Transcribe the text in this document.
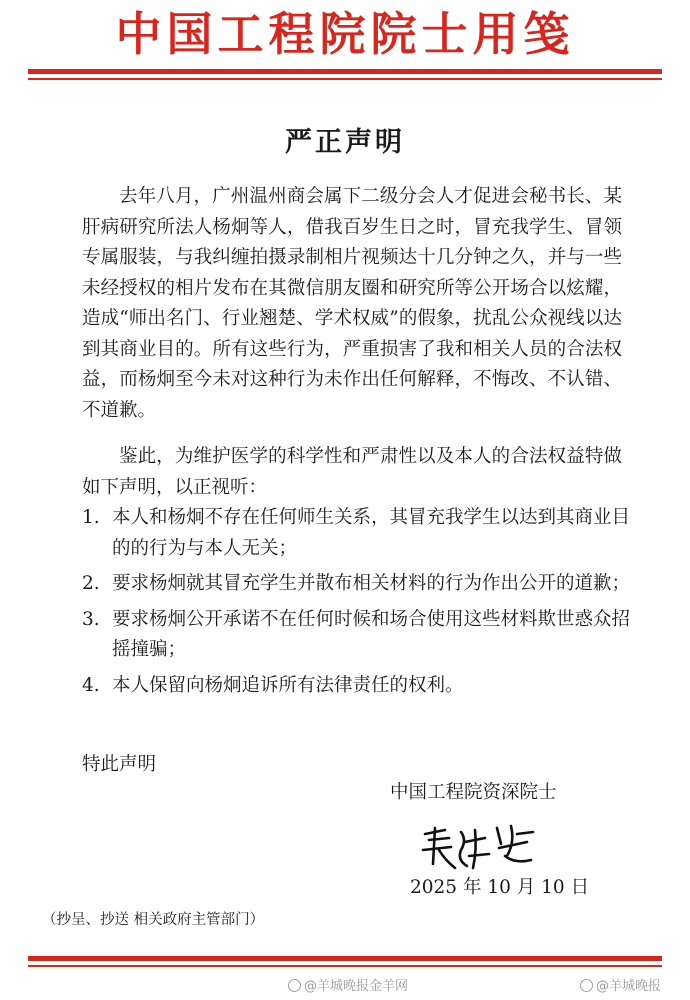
中国工程院院士用笺
严正声明

去年八月，广州温州商会属下二级分会人才促进会秘书长、某肝病研究所法人杨炯等人，借我百岁生日之时，冒充我学生、冒领专属服装，与我纠缠拍摄录制相片视频达十几分钟之久，并与一些未经授权的相片发布在其微信朋友圈和研究所等公开场合以炫耀，造成“师出名门、行业翘楚、学术权威”的假象，扰乱公众视线以达到其商业目的。所有这些行为，严重损害了我和相关人员的合法权益，而杨炯至今未对这种行为未作出任何解释，不悔改、不认错、不道歉。

鉴此，为维护医学的科学性和严肃性以及本人的合法权益特做如下声明，以正视听：

1. 本人和杨炯不存在任何师生关系，其冒充我学生以达到其商业目的的行为与本人无关；
2. 要求杨炯就其冒充学生并散布相关材料的行为作出公开的道歉；
3. 要求杨炯公开承诺不在任何时候和场合使用这些材料欺世惑众招摇撞骗；
4. 本人保留向杨炯追诉所有法律责任的权利。
特此声明
中国工程院资深院士
2025 年 10 月 10 日
（抄呈、抄送 相关政府主管部门）
@羊城晚报金羊网	@羊城晚报
